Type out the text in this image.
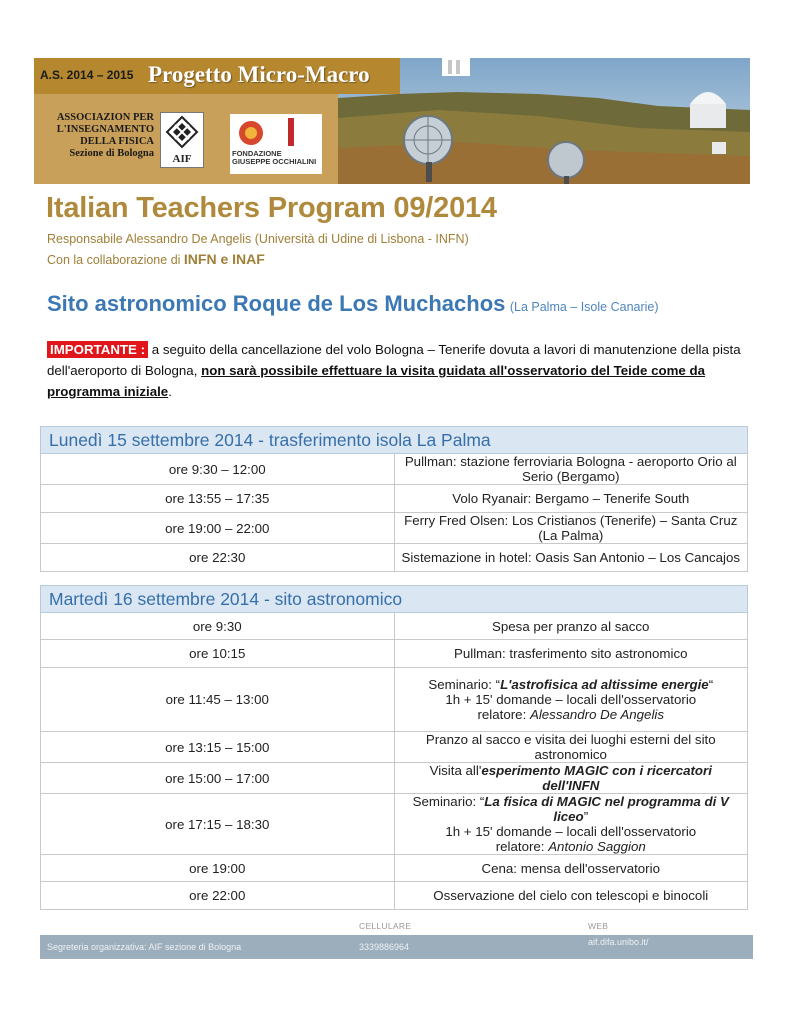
A.S. 2014 – 2015 Progetto Micro-Macro
ASSOCIAZION PER
L'INSEGNAMENTO
DELLA FISICA
Sezione di Bologna	AIF	FONDAZIONE
GIUSEPPE OCCHIALINI
Italian Teachers Program 09/2014
Responsabile Alessandro De Angelis (Università di Udine di Lisbona - INFN)
Con la collaborazione di INFN e INAF
Sito astronomico Roque de Los Muchachos (La Palma – Isole Canarie)
IMPORTANTE : a seguito della cancellazione del volo Bologna – Tenerife dovuta a lavori di manutenzione della pista dell'aeroporto di Bologna, non sarà possibile effettuare la visita guidata all'osservatorio del Teide come da programma iniziale.
Lunedì 15 settembre 2014 - trasferimento isola La Palma	
ore 9:30 – 12:00	Pullman: stazione ferroviaria Bologna - aeroporto Orio al Serio (Bergamo)
ore 13:55 – 17:35	Volo Ryanair: Bergamo – Tenerife South
ore 19:00 – 22:00	Ferry Fred Olsen: Los Cristianos (Tenerife) – Santa Cruz (La Palma)
ore 22:30	Sistemazione in hotel: Oasis San Antonio – Los Cancajos
Martedì 16 settembre 2014 - sito astronomico	
ore 9:30	Spesa per pranzo al sacco
ore 10:15	Pullman: trasferimento sito astronomico
ore 11:45 – 13:00	Seminario: “L'astrofisica ad altissime energie“
1h + 15' domande – locali dell'osservatorio
relatore: Alessandro De Angelis

ore 13:15 – 15:00	Pranzo al sacco e visita dei luoghi esterni del sito astronomico
ore 15:00 – 17:00	Visita all'esperimento MAGIC con i ricercatori dell'INFN
ore 17:15 – 18:30	Seminario: “La fisica di MAGIC nel programma di V liceo”
1h + 15' domande – locali dell'osservatorio
relatore: Antonio Saggion

ore 19:00	Cena: mensa dell'osservatorio
ore 22:00	Osservazione del cielo con telescopi e binocoli
CELLULARE	WEB
Segreteria organizzativa: AIF sezione di Bologna	3339886964	aif.difa.unibo.it/
